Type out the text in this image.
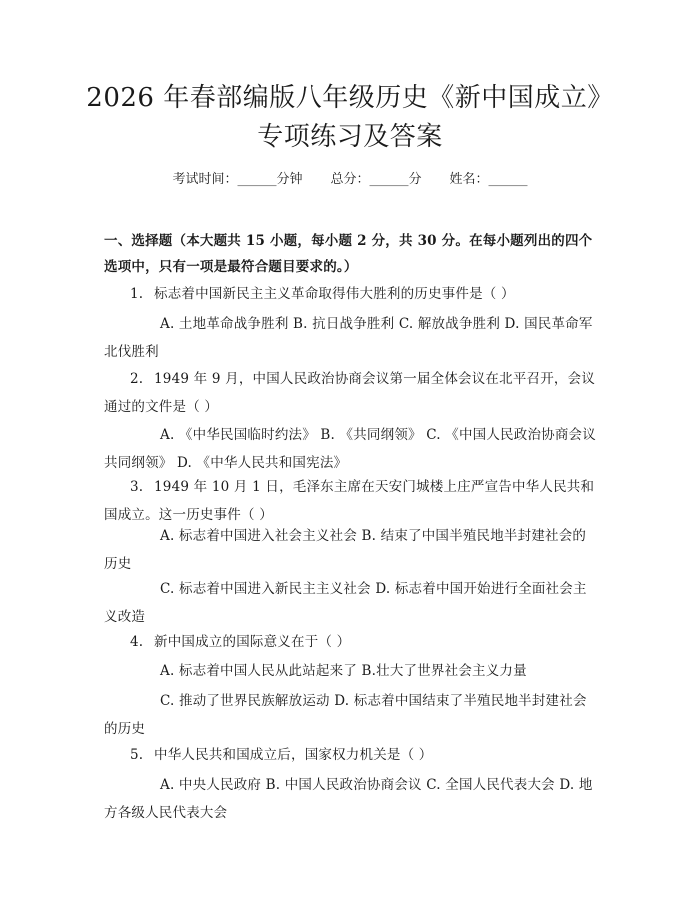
2026 年春部编版八年级历史《新中国成立》
专项练习及答案
考试时间：______分钟 总分：______分 姓名：______
一、选择题（本大题共 15 小题，每小题 2 分，共 30 分。在每小题列出的四个选项中，只有一项是最符合题目要求的。）
1. 标志着中国新民主主义革命取得伟大胜利的历史事件是（ ）
A. 土地革命战争胜利 B. 抗日战争胜利 C. 解放战争胜利 D. 国民革命军北伐胜利
2. 1949 年 9 月，中国人民政治协商会议第一届全体会议在北平召开，会议通过的文件是（ ）
A. 《中华民国临时约法》 B. 《共同纲领》 C. 《中国人民政治协商会议共同纲领》 D. 《中华人民共和国宪法》
3. 1949 年 10 月 1 日，毛泽东主席在天安门城楼上庄严宣告中华人民共和国成立。这一历史事件（ ）
A. 标志着中国进入社会主义社会 B. 结束了中国半殖民地半封建社会的历史
C. 标志着中国进入新民主主义社会 D. 标志着中国开始进行全面社会主义改造
4. 新中国成立的国际意义在于（ ）
A. 标志着中国人民从此站起来了 B.壮大了世界社会主义力量
C. 推动了世界民族解放运动 D. 标志着中国结束了半殖民地半封建社会的历史
5. 中华人民共和国成立后，国家权力机关是（ ）
A. 中央人民政府 B. 中国人民政治协商会议 C. 全国人民代表大会 D. 地方各级人民代表大会
